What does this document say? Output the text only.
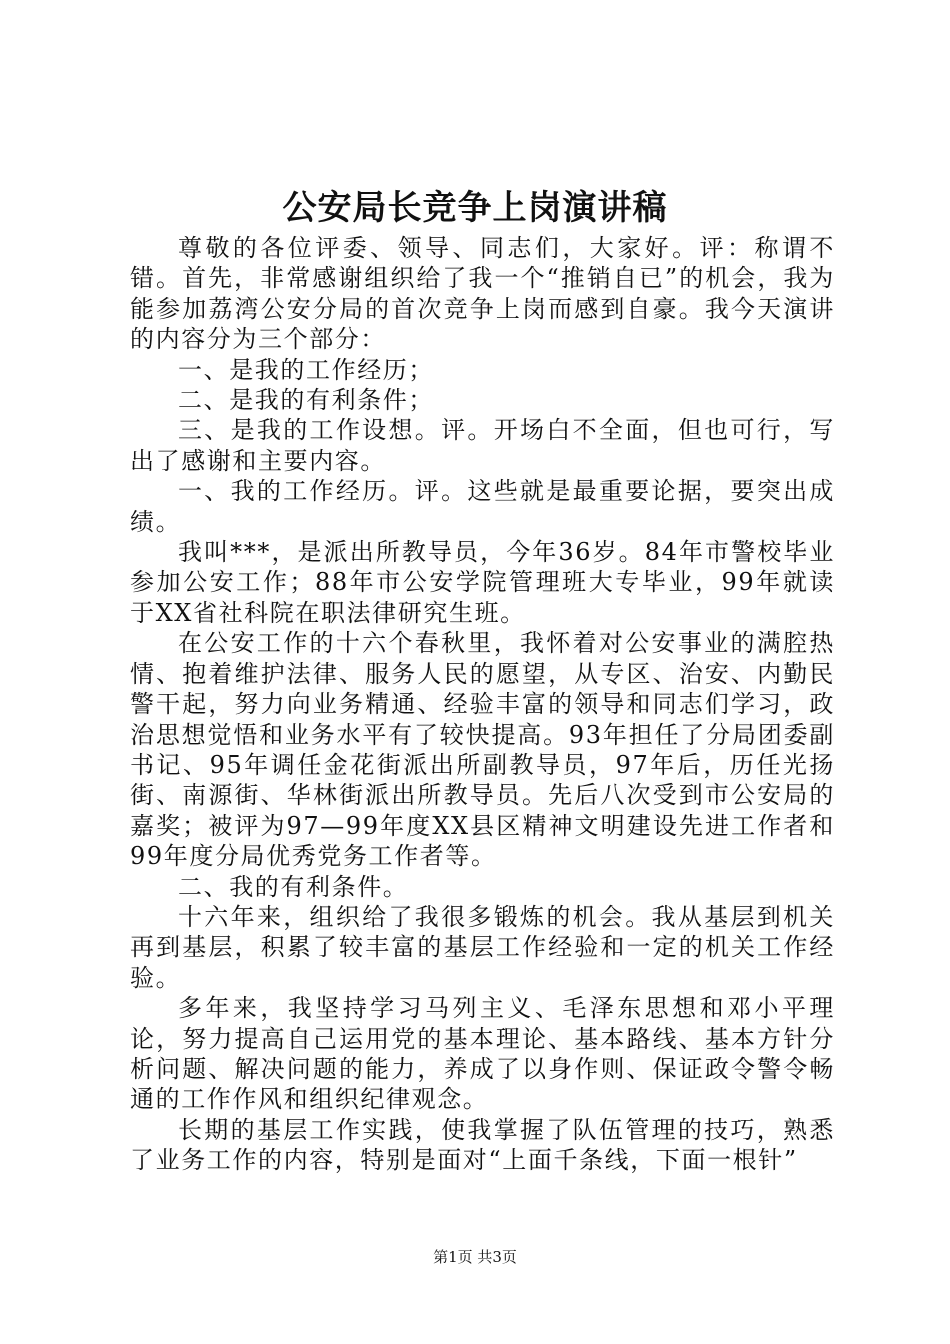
公安局长竞争上岗演讲稿

尊敬的各位评委、领导、同志们，大家好。评：称谓不错。首先，非常感谢组织给了我一个“推销自已”的机会，我为能参加荔湾公安分局的首次竞争上岗而感到自豪。我今天演讲的内容分为三个部分：

一、是我的工作经历；

二、是我的有利条件；

三、是我的工作设想。评。开场白不全面，但也可行，写出了感谢和主要内容。

一、我的工作经历。评。这些就是最重要论据，要突出成绩。

我叫***，是派出所教导员，今年36岁。84年市警校毕业参加公安工作；88年市公安学院管理班大专毕业，99年就读于XX省社科院在职法律研究生班。

在公安工作的十六个春秋里，我怀着对公安事业的满腔热情、抱着维护法律、服务人民的愿望，从专区、治安、内勤民警干起，努力向业务精通、经验丰富的领导和同志们学习，政治思想觉悟和业务水平有了较快提高。93年担任了分局团委副书记、95年调任金花街派出所副教导员，97年后，历任光扬街、南源街、华林街派出所教导员。先后八次受到市公安局的嘉奖；被评为97—99年度XX县区精神文明建设先进工作者和99年度分局优秀党务工作者等。

二、我的有利条件。

十六年来，组织给了我很多锻炼的机会。我从基层到机关再到基层，积累了较丰富的基层工作经验和一定的机关工作经验。

多年来，我坚持学习马列主义、毛泽东思想和邓小平理论，努力提高自己运用党的基本理论、基本路线、基本方针分析问题、解决问题的能力，养成了以身作则、保证政令警令畅通的工作作风和组织纪律观念。

长期的基层工作实践，使我掌握了队伍管理的技巧，熟悉了业务工作的内容，特别是面对“上面千条线，下面一根针”

第1页 共3页
